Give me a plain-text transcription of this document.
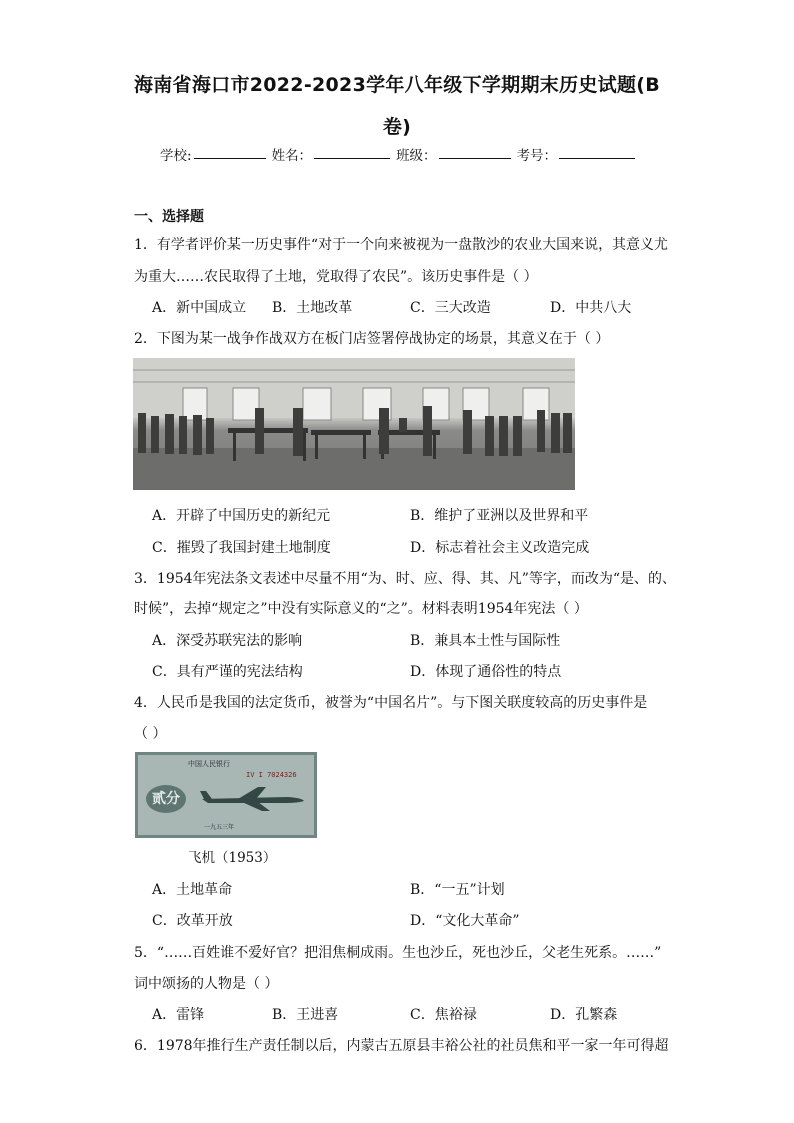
海南省海口市2022-2023学年八年级下学期期末历史试题(B
卷)
学校:	姓名：	班级：	考号：
一、选择题
1．有学者评价某一历史事件“对于一个向来被视为一盘散沙的农业大国来说，其意义尤
为重大……农民取得了土地，党取得了农民”。该历史事件是（ ）
A．新中国成立 B．土地改革	C．三大改造	D．中共八大
2．下图为某一战争作战双方在板门店签署停战协定的场景，其意义在于（ ）
A．开辟了中国历史的新纪元	B．维护了亚洲以及世界和平
C．摧毁了我国封建土地制度	D．标志着社会主义改造完成
3．1954年宪法条文表述中尽量不用“为、时、应、得、其、凡”等字，而改为“是、的、
时候”，去掉“规定之”中没有实际意义的“之”。材料表明1954年宪法（ ）
A．深受苏联宪法的影响	B．兼具本土性与国际性
C．具有严谨的宪法结构	D．体现了通俗性的特点
4．人民币是我国的法定货币，被誉为“中国名片”。与下图关联度较高的历史事件是
（ ）
中国人民银行
IV I 7024326
贰分
一九五三年
飞机（1953）
A．土地革命	B．“一五”计划
C．改革开放	D．“文化大革命”
5．“……百姓谁不爱好官？把泪焦桐成雨。生也沙丘，死也沙丘，父老生死系。……”
词中颂扬的人物是（ ）
A．雷锋	B．王进喜	C．焦裕禄	D．孔繁森
6．1978年推行生产责任制以后，内蒙古五原县丰裕公社的社员焦和平一家一年可得超
